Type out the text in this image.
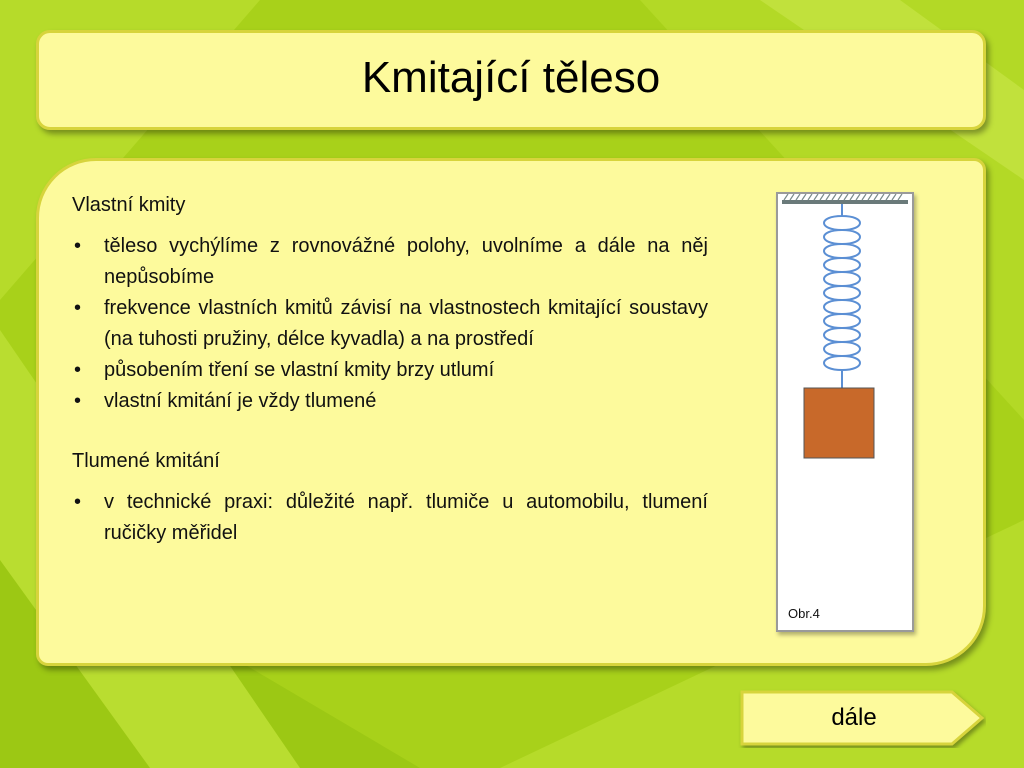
Kmitající těleso

Vlastní kmity

• těleso vychýlíme z rovnovážné polohy, uvolníme a dále na něj nepůsobíme
• frekvence vlastních kmitů závisí na vlastnostech kmitající soustavy (na tuhosti pružiny, délce kyvadla) a na prostředí
• působením tření se vlastní kmity brzy utlumí
• vlastní kmitání je vždy tlumené

Tlumené kmitání

• v technické praxi: důležité např. tlumiče u automobilu, tlumení ručičky měřidel
Obr.4
dále
